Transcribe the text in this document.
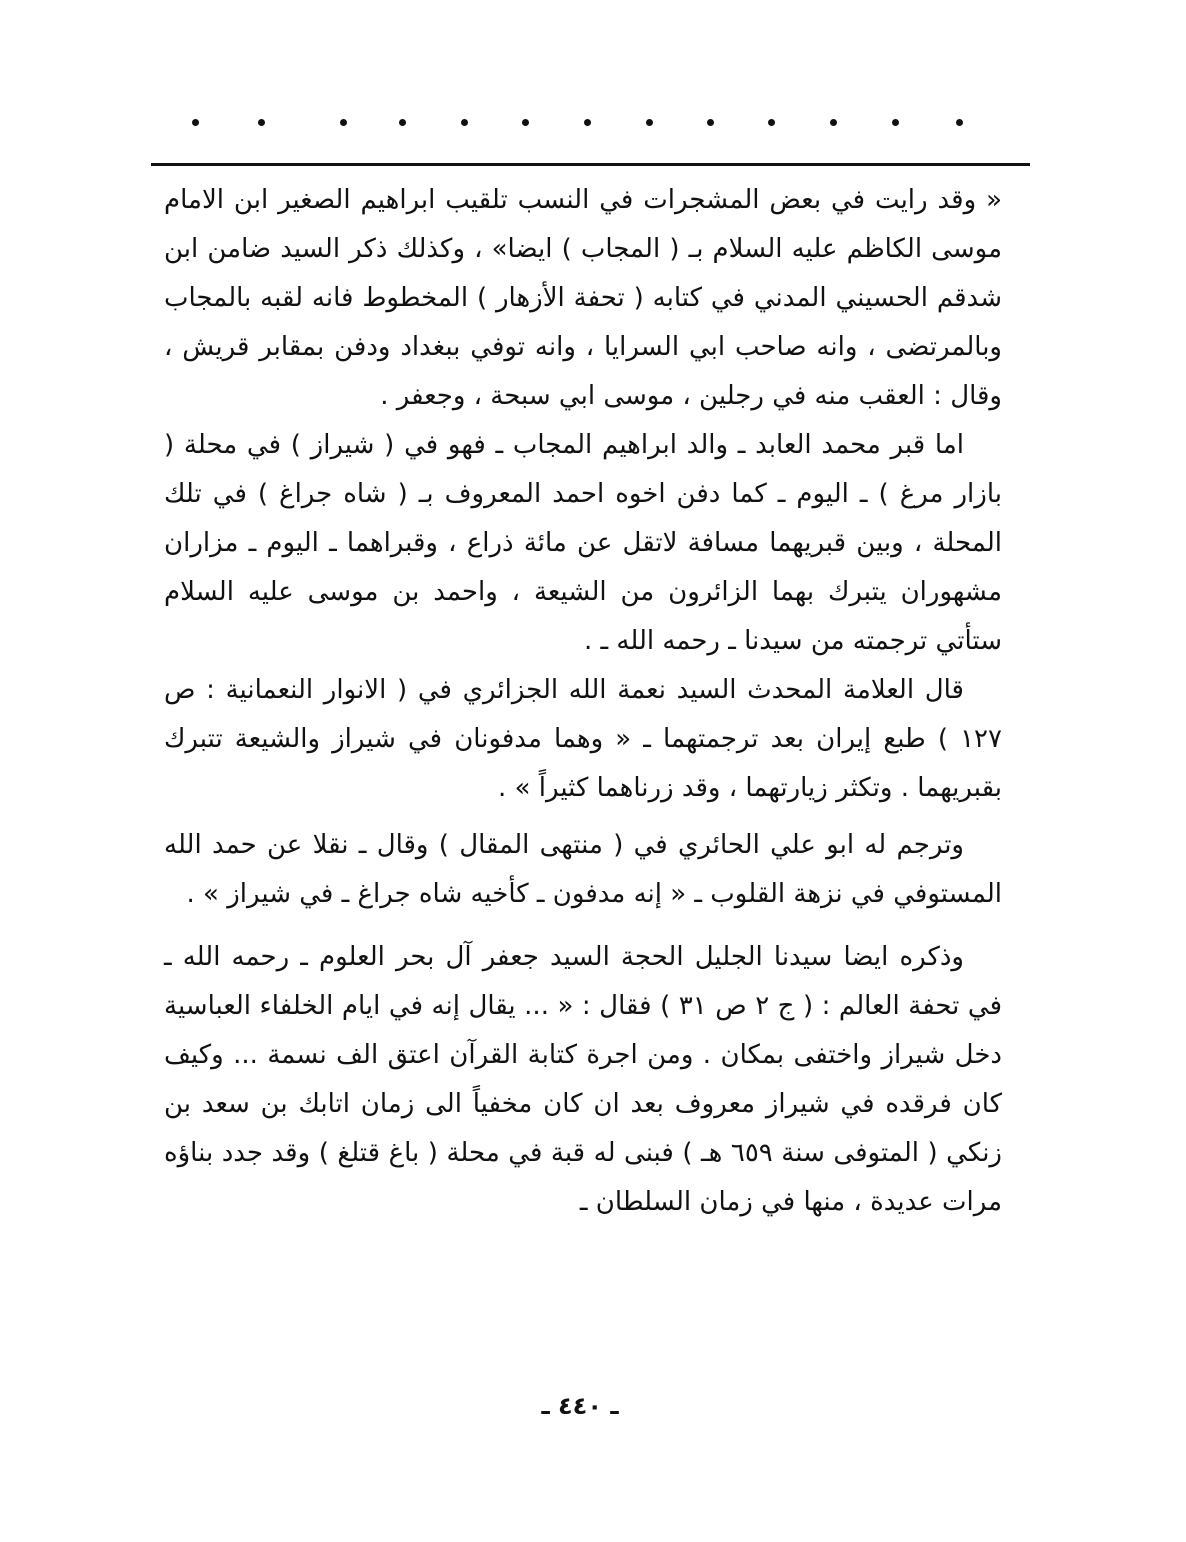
« وقد رايت في بعض المشجرات في النسب تلقيب ابراهيم الصغير ابن الامام موسى الكاظم عليه السلام بـ ( المجاب ) ايضا» ، وكذلك ذكر السيد ضامن ابن شدقم الحسيني المدني في كتابه ( تحفة الأزهار ) المخطوط فانه لقبه بالمجاب وبالمرتضى ، وانه صاحب ابي السرايا ، وانه توفي ببغداد ودفن بمقابر قريش ، وقال : العقب منه في رجلين ، موسى ابي سبحة ، وجعفر .

اما قبر محمد العابد ـ والد ابراهيم المجاب ـ فهو في ( شيراز ) في محلة ( بازار مرغ ) ـ اليوم ـ كما دفن اخوه احمد المعروف بـ ( شاه جراغ ) في تلك المحلة ، وبين قبريهما مسافة لاتقل عن مائة ذراع ، وقبراهما ـ اليوم ـ مزاران مشهوران يتبرك بهما الزائرون من الشيعة ، واحمد بن موسى عليه السلام ستأتي ترجمته من سيدنا ـ رحمه الله ـ .

قال العلامة المحدث السيد نعمة الله الجزائري في ( الانوار النعمانية : ص ١٢٧ ) طبع إيران بعد ترجمتهما ـ « وهما مدفونان في شيراز والشيعة تتبرك بقبريهما . وتكثر زيارتهما ، وقد زرناهما كثيراً » .

وترجم له ابو علي الحائري في ( منتهى المقال ) وقال ـ نقلا عن حمد الله المستوفي في نزهة القلوب ـ « إنه مدفون ـ كأخيه شاه جراغ ـ في شيراز » .

وذكره ايضا سيدنا الجليل الحجة السيد جعفر آل بحر العلوم ـ رحمه الله ـ في تحفة العالم : ( ج ٢ ص ٣١ ) فقال : « ... يقال إنه في ايام الخلفاء العباسية دخل شيراز واختفى بمكان . ومن اجرة كتابة القرآن اعتق الف نسمة ... وكيف كان فرقده في شيراز معروف بعد ان كان مخفياً الى زمان اتابك بن سعد بن زنكي ( المتوفى سنة ٦٥٩ هـ ) فبنى له قبة في محلة ( باغ قتلغ ) وقد جدد بناؤه مرات عديدة ، منها في زمان السلطان ـ

ـ ٤٤٠ ـ
